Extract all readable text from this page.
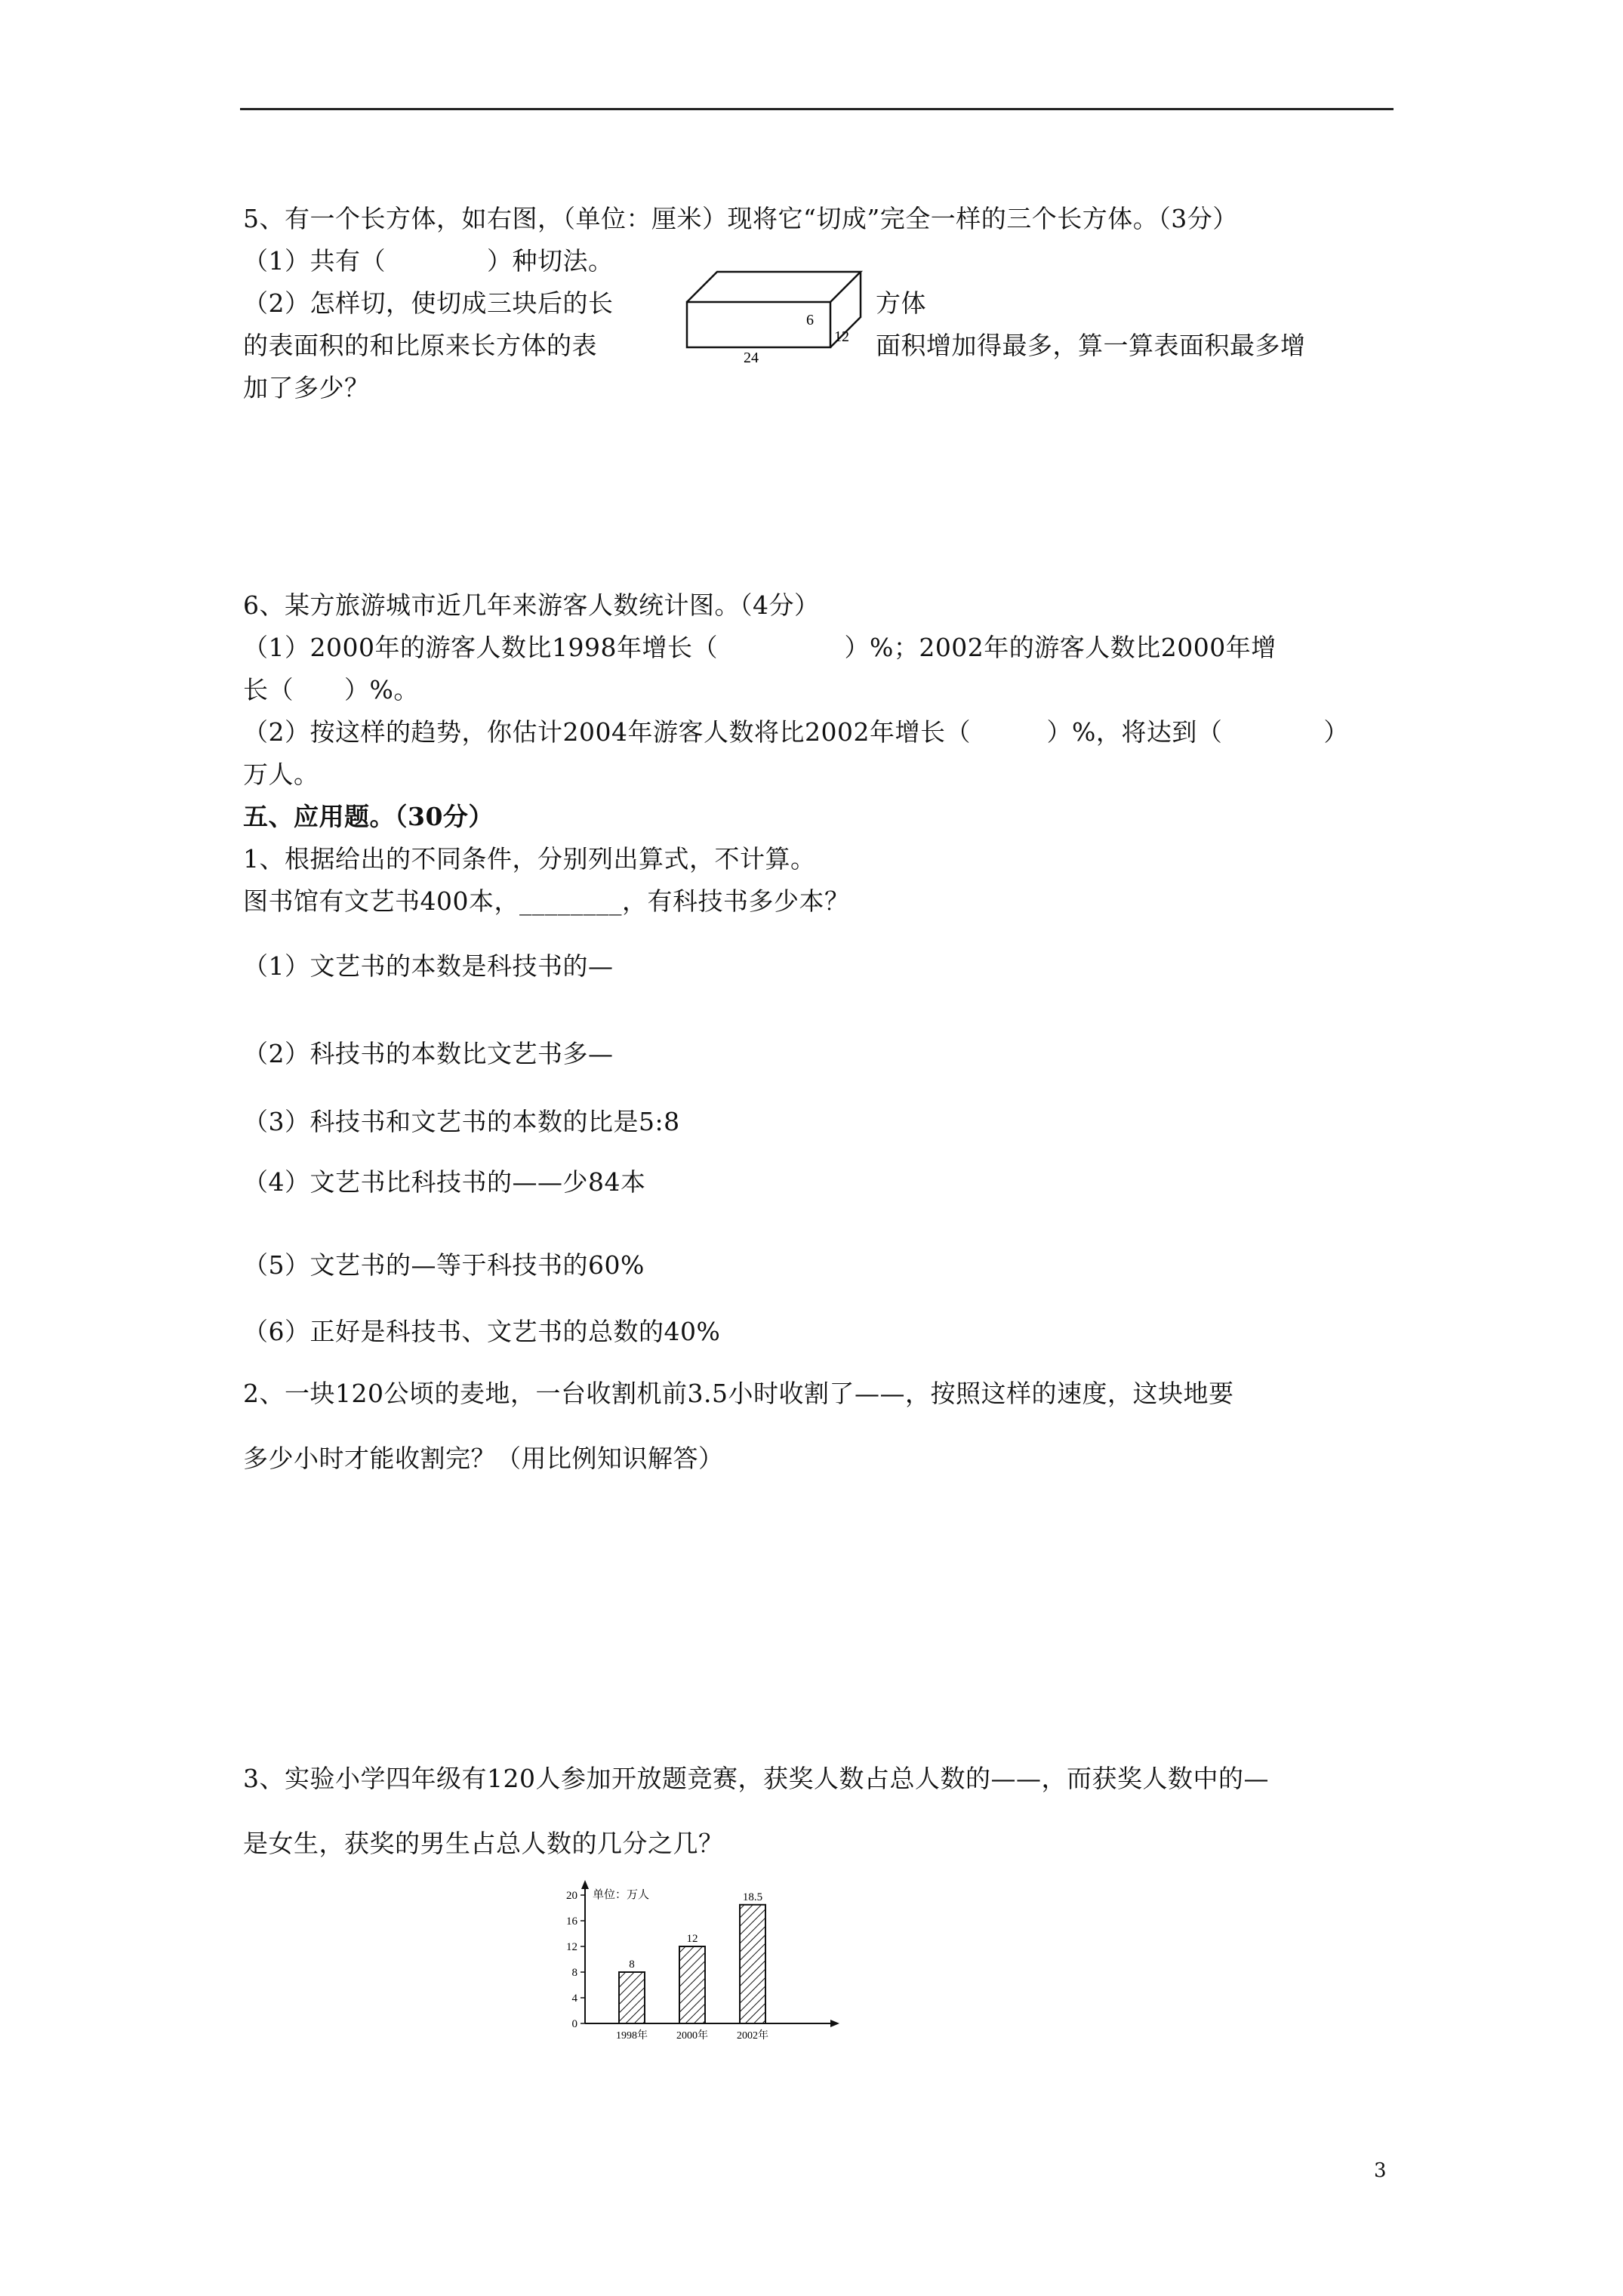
5、有一个长方体，如右图，（单位：厘米）现将它“切成”完全一样的三个长方体。（3分）
（1）共有（　　　　）种切法。
（2）怎样切，使切成三块后的长	方体
的表面积的和比原来长方体的表	面积增加得最多，算一算表面积最多增
加了多少？
6
12
24
6、某方旅游城市近几年来游客人数统计图。（4分）
（1）2000年的游客人数比1998年增长（　　　　　）%；2002年的游客人数比2000年增
长（　　）%。
（2）按这样的趋势，你估计2004年游客人数将比2002年增长（　　　）%，将达到（　　　　）
万人。
五、应用题。（30分）
1、根据给出的不同条件，分别列出算式，不计算。
图书馆有文艺书400本，________，有科技书多少本？
（1）文艺书的本数是科技书的—
（2）科技书的本数比文艺书多—
（3）科技书和文艺书的本数的比是5:8
（4）文艺书比科技书的——少84本
（5）文艺书的—等于科技书的60%
（6）正好是科技书、文艺书的总数的40%
2、一块120公顷的麦地，一台收割机前3.5小时收割了——，按照这样的速度，这块地要
多少小时才能收割完？（用比例知识解答）
3、实验小学四年级有120人参加开放题竞赛，获奖人数占总人数的——，而获奖人数中的—
是女生，获奖的男生占总人数的几分之几？
单位：万人
0
4
8
12
16
20
8
1998年
12
2000年
18.5
2002年
3
